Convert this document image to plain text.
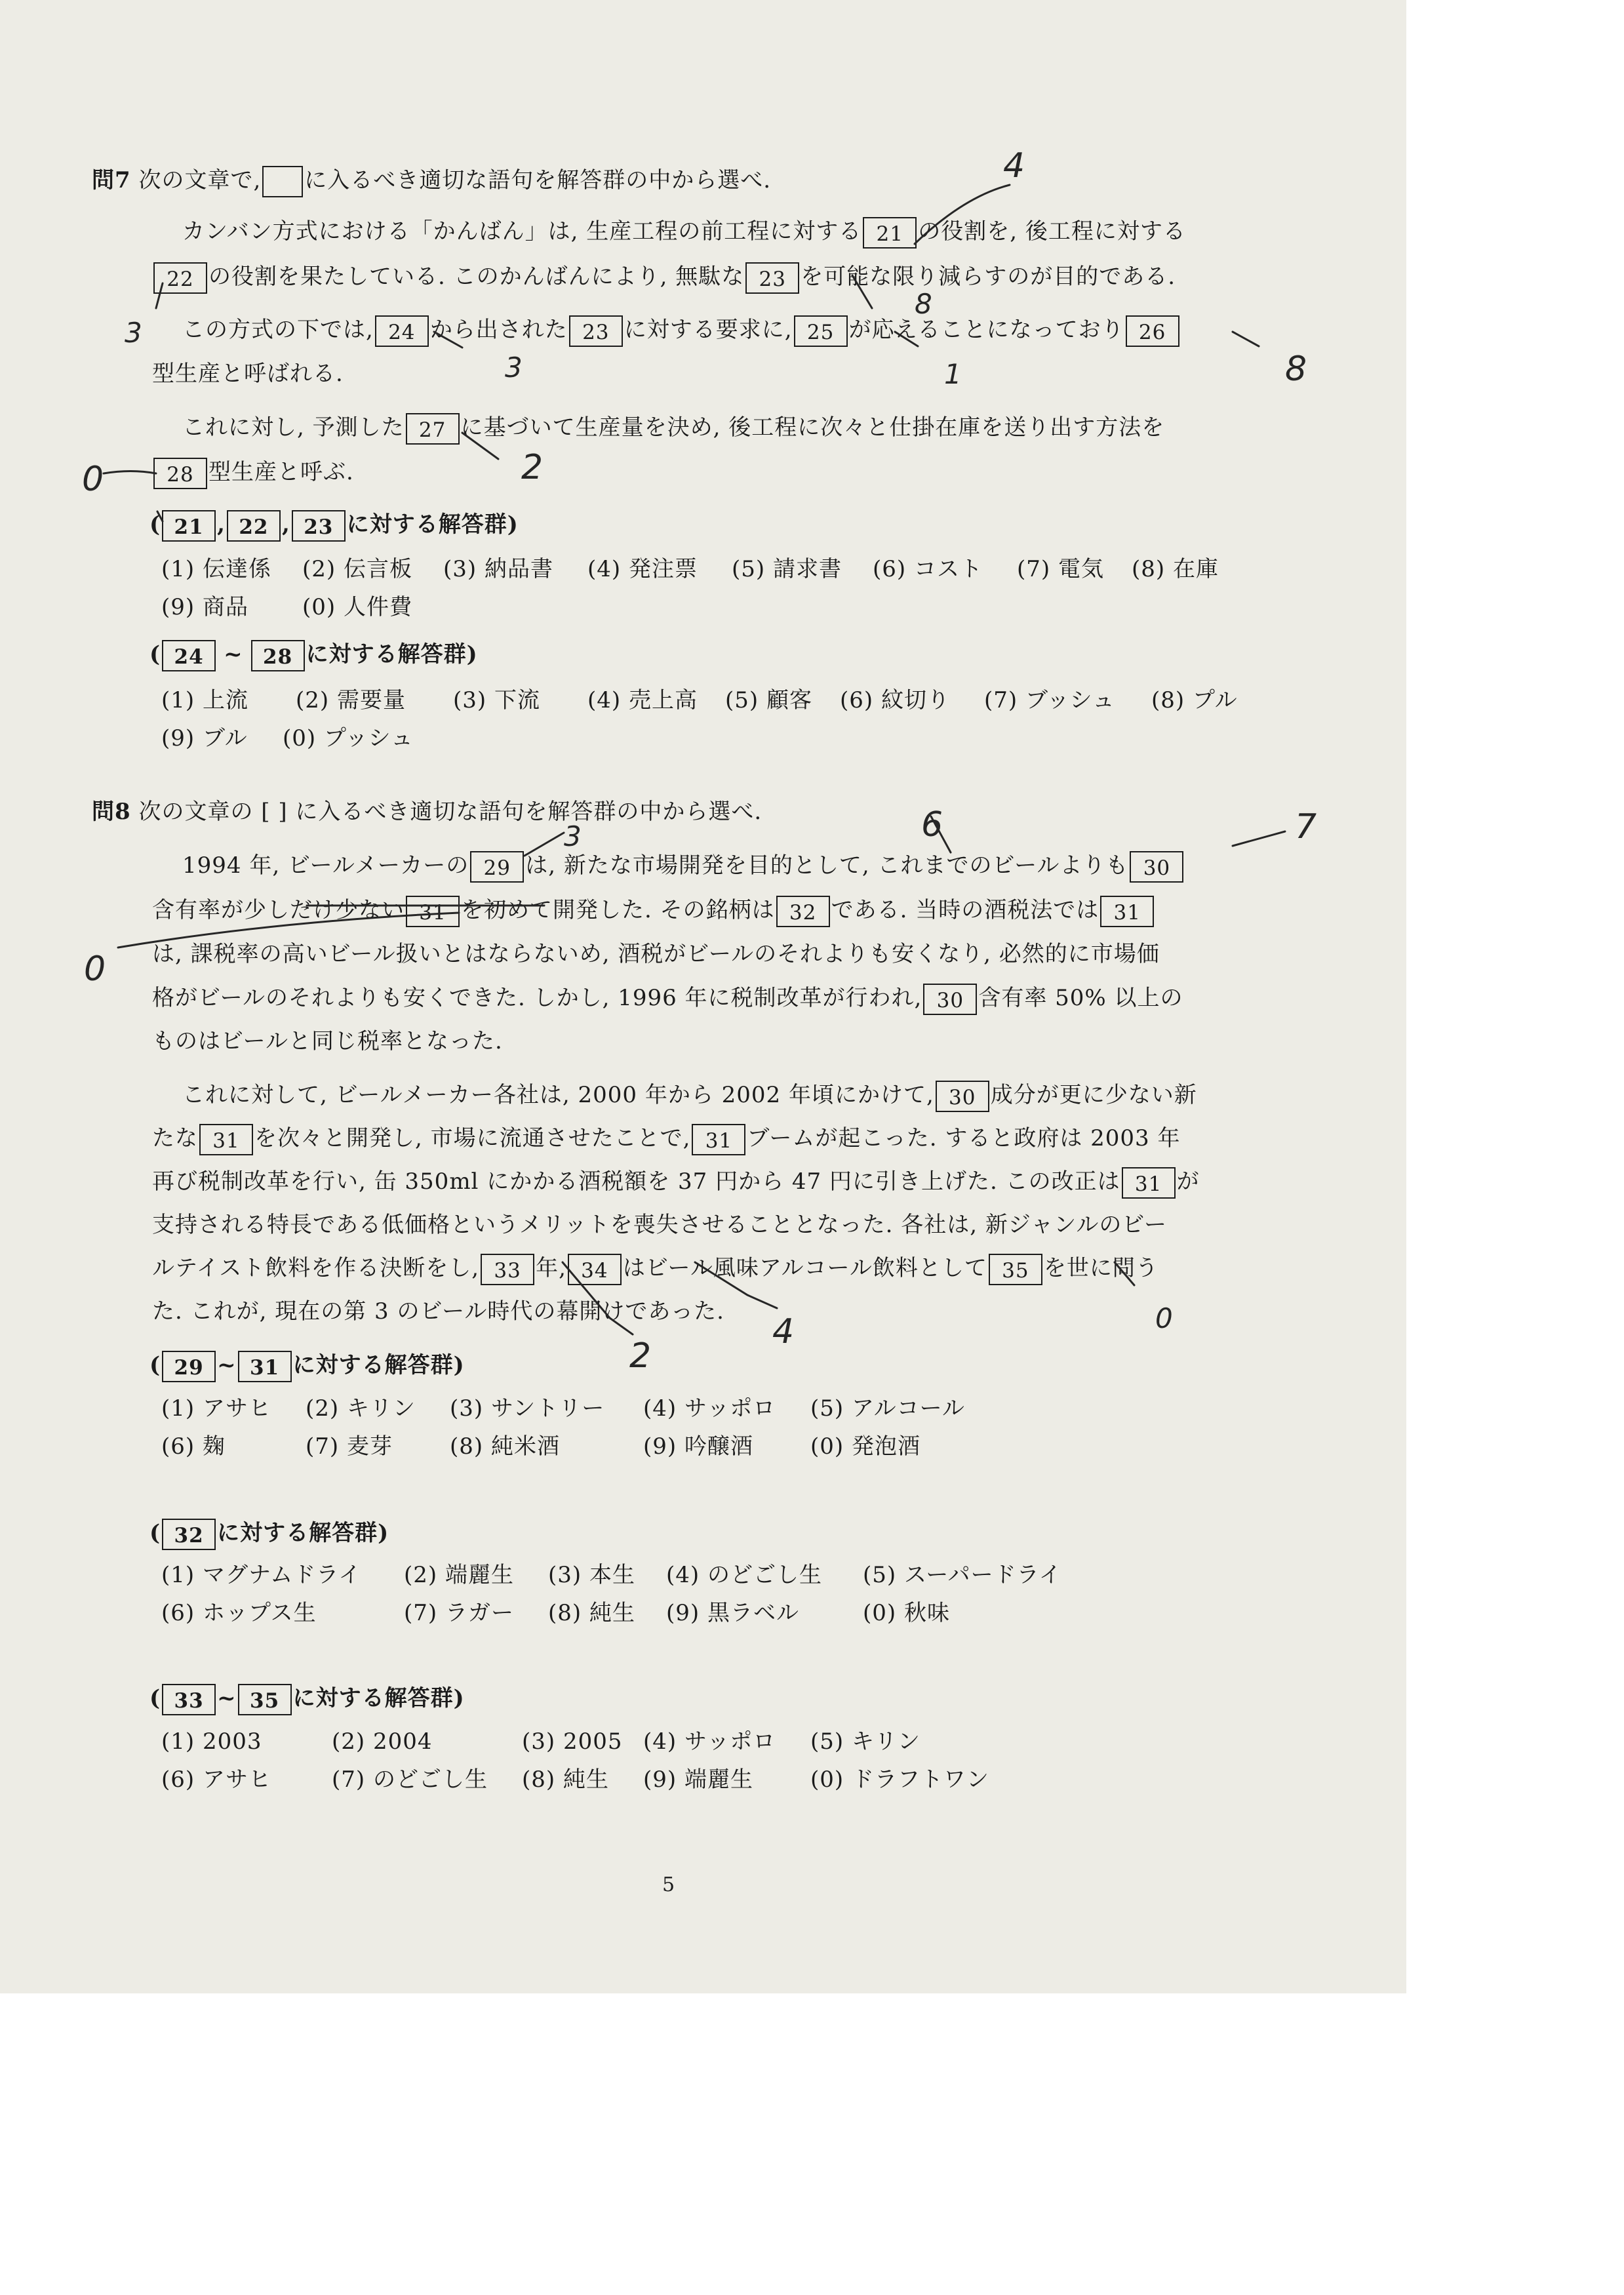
問7 次の文章で, に入るべき適切な語句を解答群の中から選べ.
カンバン方式における「かんばん」は, 生産工程の前工程に対する 21 の役割を, 後工程に対する
22 の役割を果たしている. このかんばんにより, 無駄な 23 を可能な限り減らすのが目的である.
この方式の下では, 24 から出された 23 に対する要求に, 25 が応えることになっており 26
型生産と呼ばれる.
これに対し, 予測した 27 に基づいて生産量を決め, 後工程に次々と仕掛在庫を送り出す方法を
28 型生産と呼ぶ.
( 21 , 22 , 23 に対する解答群)
(1) 伝達係 (2) 伝言板 (3) 納品書 (4) 発注票 (5) 請求書 (6) コスト (7) 電気 (8) 在庫
(9) 商品 (0) 人件費
( 24 ~ 28 に対する解答群)
(1) 上流 (2) 需要量 (3) 下流 (4) 売上高 (5) 顧客 (6) 紋切り (7) ブッシュ (8) プル
(9) ブル (0) プッシュ
問8 次の文章の [ ] に入るべき適切な語句を解答群の中から選べ.
1994 年, ビールメーカーの 29 は, 新たな市場開発を目的として, これまでのビールよりも 30
含有率が少しだけ少ない 31 を初めて開発した. その銘柄は 32 である. 当時の酒税法では 31
は, 課税率の高いビール扱いとはならないめ, 酒税がビールのそれよりも安くなり, 必然的に市場価
格がビールのそれよりも安くできた. しかし, 1996 年に税制改革が行われ, 30 含有率 50% 以上の
ものはビールと同じ税率となった.
これに対して, ビールメーカー各社は, 2000 年から 2002 年頃にかけて, 30 成分が更に少ない新
たな 31 を次々と開発し, 市場に流通させたことで, 31 ブームが起こった. すると政府は 2003 年
再び税制改革を行い, 缶 350ml にかかる酒税額を 37 円から 47 円に引き上げた. この改正は 31 が
支持される特長である低価格というメリットを喪失させることとなった. 各社は, 新ジャンルのビー
ルテイスト飲料を作る決断をし, 33 年, 34 はビール風味アルコール飲料として 35 を世に問う
た. これが, 現在の第 3 のビール時代の幕開けであった.
( 29 ~ 31 に対する解答群)
(1) アサヒ (2) キリン (3) サントリー (4) サッポロ (5) アルコール
(6) 麹	(7) 麦芽	(8) 純米酒	(9) 吟醸酒	(0) 発泡酒
( 32 に対する解答群)
(1) マグナムドライ (2) 端麗生 (3) 本生 (4) のどごし生 (5) スーパードライ
(6) ホップス生	(7) ラガー (8) 純生 (9) 黒ラベル	(0) 秋味
( 33 ~ 35 に対する解答群)
(1) 2003	(2) 2004	(3) 2005 (4) サッポロ (5) キリン
(6) アサヒ	(7) のどごし生 (8) 純生 (9) 端麗生	(0) ドラフトワン
5
4
8
3
3	1	8
2
0
3	6	7
0
2
4	0
